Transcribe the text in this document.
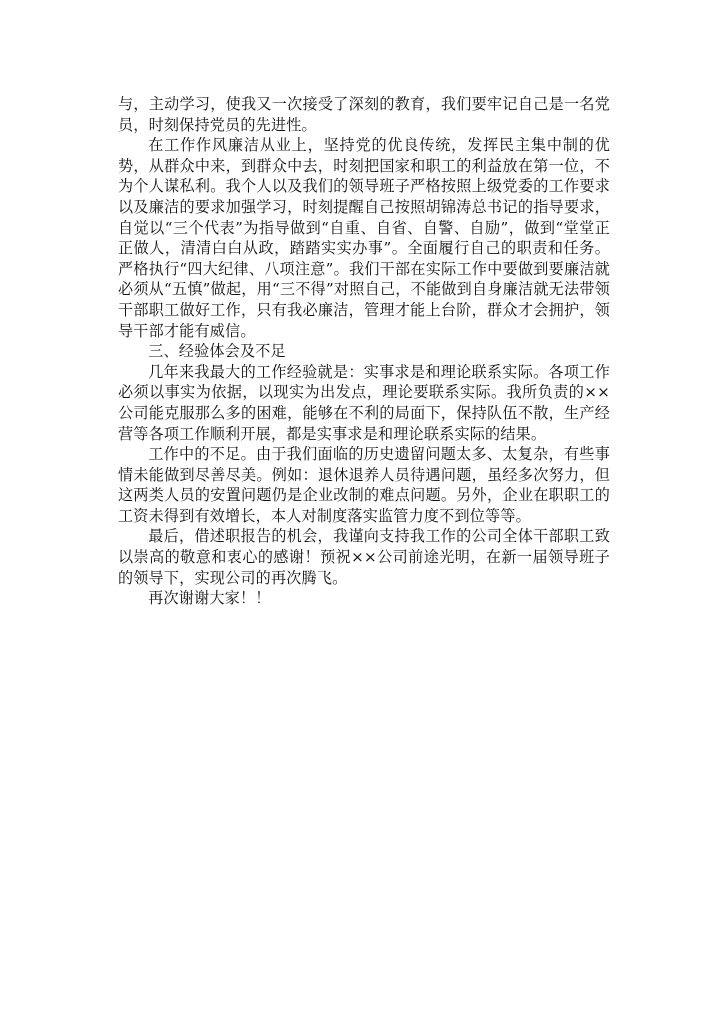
与，主动学习，使我又一次接受了深刻的教育，我们要牢记自己是一名党员，时刻保持党员的先进性。

在工作作风廉洁从业上，坚持党的优良传统，发挥民主集中制的优势，从群众中来，到群众中去，时刻把国家和职工的利益放在第一位，不为个人谋私利。我个人以及我们的领导班子严格按照上级党委的工作要求以及廉洁的要求加强学习，时刻提醒自己按照胡锦涛总书记的指导要求，自觉以“三个代表”为指导做到“自重、自省、自警、自励”，做到“堂堂正正做人，清清白白从政，踏踏实实办事”。全面履行自己的职责和任务。严格执行“四大纪律、八项注意”。我们干部在实际工作中要做到要廉洁就必须从“五慎”做起，用“三不得”对照自己，不能做到自身廉洁就无法带领干部职工做好工作，只有我必廉洁，管理才能上台阶，群众才会拥护，领导干部才能有威信。

三、经验体会及不足

几年来我最大的工作经验就是：实事求是和理论联系实际。各项工作必须以事实为依据，以现实为出发点，理论要联系实际。我所负责的××公司能克服那么多的困难，能够在不利的局面下，保持队伍不散，生产经营等各项工作顺利开展，都是实事求是和理论联系实际的结果。

工作中的不足。由于我们面临的历史遗留问题太多、太复杂，有些事情未能做到尽善尽美。例如：退休退养人员待遇问题，虽经多次努力，但这两类人员的安置问题仍是企业改制的难点问题。另外，企业在职职工的工资未得到有效增长，本人对制度落实监管力度不到位等等。

最后，借述职报告的机会，我谨向支持我工作的公司全体干部职工致以崇高的敬意和衷心的感谢！预祝××公司前途光明，在新一届领导班子的领导下，实现公司的再次腾飞。

再次谢谢大家！！
